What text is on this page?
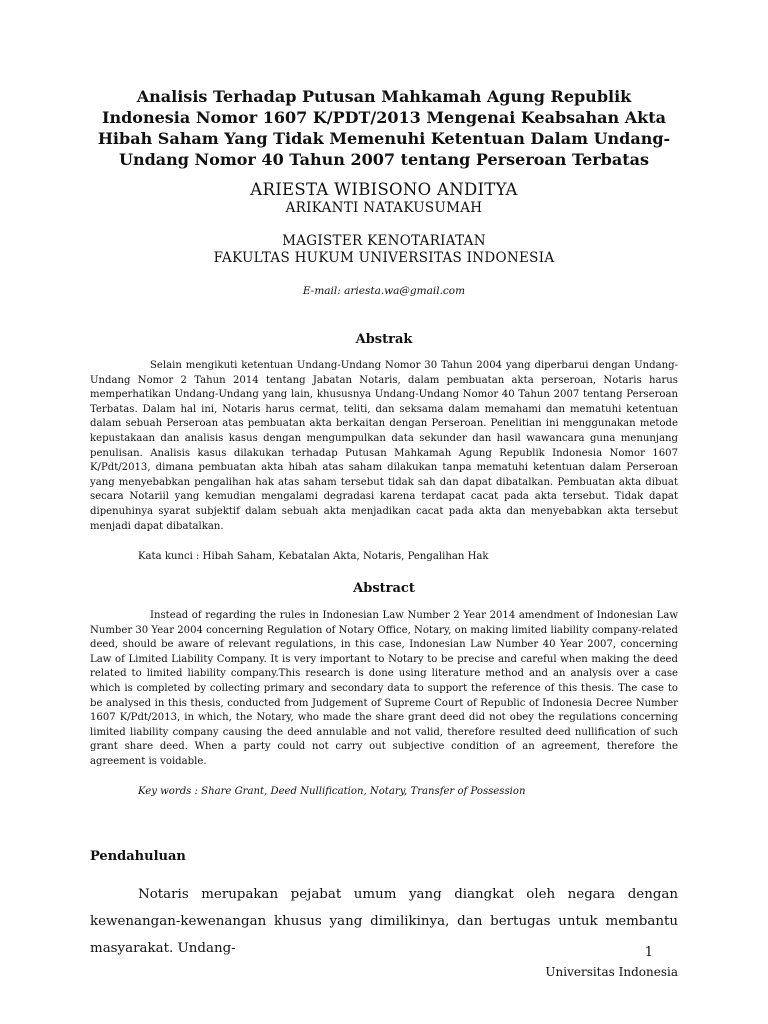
Analisis Terhadap Putusan Mahkamah Agung Republik Indonesia Nomor 1607 K/PDT/2013 Mengenai Keabsahan Akta Hibah Saham Yang Tidak Memenuhi Ketentuan Dalam Undang-Undang Nomor 40 Tahun 2007 tentang Perseroan Terbatas
ARIESTA WIBISONO ANDITYA
ARIKANTI NATAKUSUMAH
MAGISTER KENOTARIATAN
FAKULTAS HUKUM UNIVERSITAS INDONESIA
E-mail: ariesta.wa@gmail.com
Abstrak
Selain mengikuti ketentuan Undang-Undang Nomor 30 Tahun 2004 yang diperbarui dengan Undang-Undang Nomor 2 Tahun 2014 tentang Jabatan Notaris, dalam pembuatan akta perseroan, Notaris harus memperhatikan Undang-Undang yang lain, khususnya Undang-Undang Nomor 40 Tahun 2007 tentang Perseroan Terbatas. Dalam hal ini, Notaris harus cermat, teliti, dan seksama dalam memahami dan mematuhi ketentuan dalam sebuah Perseroan atas pembuatan akta berkaitan dengan Perseroan. Penelitian ini menggunakan metode kepustakaan dan analisis kasus dengan mengumpulkan data sekunder dan hasil wawancara guna menunjang penulisan. Analisis kasus dilakukan terhadap Putusan Mahkamah Agung Republik Indonesia Nomor 1607 K/Pdt/2013, dimana pembuatan akta hibah atas saham dilakukan tanpa mematuhi ketentuan dalam Perseroan yang menyebabkan pengalihan hak atas saham tersebut tidak sah dan dapat dibatalkan. Pembuatan akta dibuat secara Notariil yang kemudian mengalami degradasi karena terdapat cacat pada akta tersebut. Tidak dapat dipenuhinya syarat subjektif dalam sebuah akta menjadikan cacat pada akta dan menyebabkan akta tersebut menjadi dapat dibatalkan.
Kata kunci : Hibah Saham, Kebatalan Akta, Notaris, Pengalihan Hak
Abstract
Instead of regarding the rules in Indonesian Law Number 2 Year 2014 amendment of Indonesian Law Number 30 Year 2004 concerning Regulation of Notary Office, Notary, on making limited liability company-related deed, should be aware of relevant regulations, in this case, Indonesian Law Number 40 Year 2007, concerning Law of Limited Liability Company. It is very important to Notary to be precise and careful when making the deed related to limited liability company.This research is done using literature method and an analysis over a case which is completed by collecting primary and secondary data to support the reference of this thesis. The case to be analysed in this thesis, conducted from Judgement of Supreme Court of Republic of Indonesia Decree Number 1607 K/Pdt/2013, in which, the Notary, who made the share grant deed did not obey the regulations concerning limited liability company causing the deed annulable and not valid, therefore resulted deed nullification of such grant share deed. When a party could not carry out subjective condition of an agreement, therefore the agreement is voidable.
Key words : Share Grant, Deed Nullification, Notary, Transfer of Possession
Pendahuluan
Notaris merupakan pejabat umum yang diangkat oleh negara dengan kewenangan-kewenangan khusus yang dimilikinya, dan bertugas untuk membantu masyarakat. Undang-	1
Universitas Indonesia
